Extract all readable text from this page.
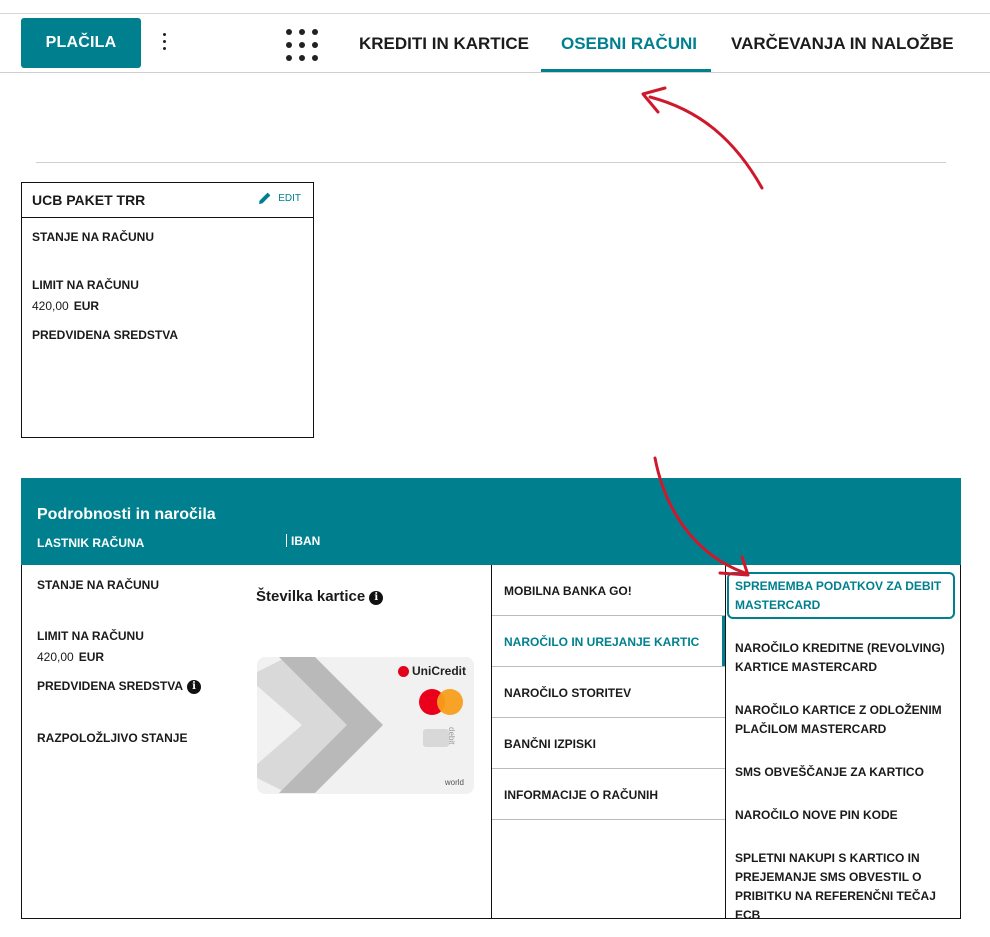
PLAČILA	KREDITI IN KARTICE OSEBNI RAČUNI VARČEVANJA IN NALOŽBE
UCB PAKET TRR	EDIT
STANJE NA RAČUNU
LIMIT NA RAČUNU
420,00 EUR
PREDVIDENA SREDSTVA
Podrobnosti in naročila
LASTNIK RAČUNA	IBAN
STANJE NA RAČUNU
LIMIT NA RAČUNU
420,00 EUR
PREDVIDENA SREDSTVA i
RAZPOLOŽLJIVO STANJE
Številka kartice i
UniCredit
debit
world
MOBILNA BANKA GO!
NAROČILO IN UREJANJE KARTIC
NAROČILO STORITEV
BANČNI IZPISKI
INFORMACIJE O RAČUNIH
SPREMEMBA PODATKOV ZA DEBIT MASTERCARD
NAROČILO KREDITNE (REVOLVING) KARTICE MASTERCARD
NAROČILO KARTICE Z ODLOŽENIM PLAČILOM MASTERCARD
SMS OBVEŠČANJE ZA KARTICO
NAROČILO NOVE PIN KODE
SPLETNI NAKUPI S KARTICO IN PREJEMANJE SMS OBVESTIL O PRIBITKU NA REFERENČNI TEČAJ ECB
